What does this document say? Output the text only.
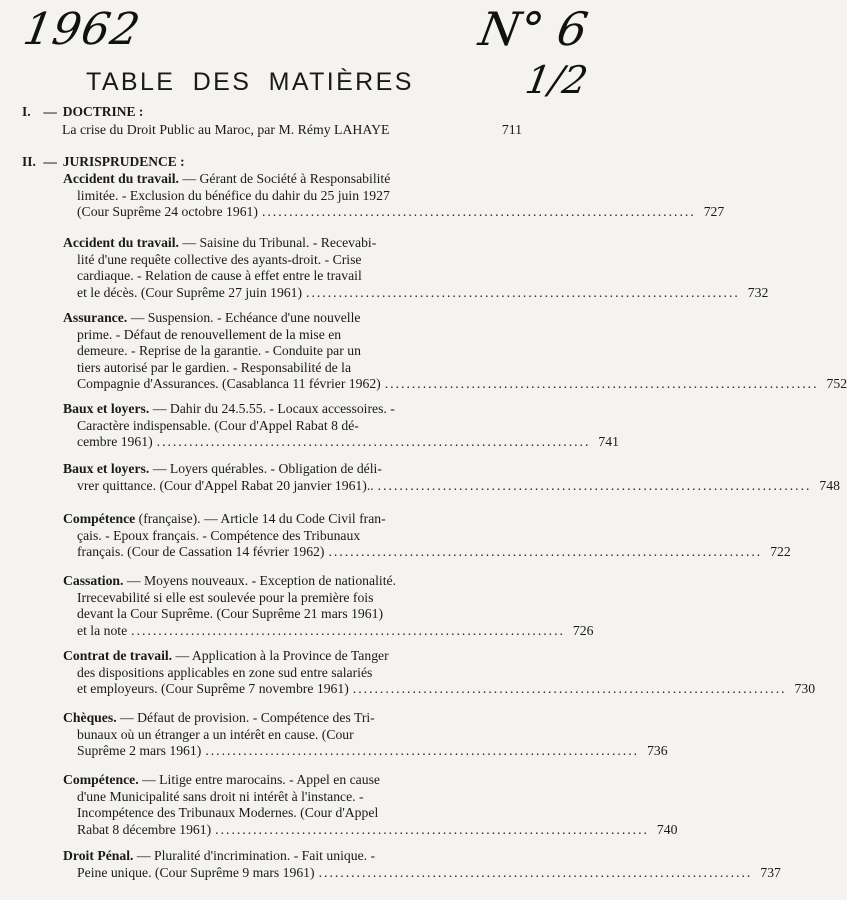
1962	N° 6
1/2
TABLE DES MATIÈRES
I. — DOCTRINE :
La crise du Droit Public au Maroc, par M. Rémy LAHAYE	711
II. — JURISPRUDENCE :
Accident du travail. — Gérant de Société à Responsabilité
limitée. - Exclusion du bénéfice du dahir du 25 juin 1927
(Cour Suprême 24 octobre 1961) ................................................................................ 727
Accident du travail. — Saisine du Tribunal. - Recevabi-
lité d'une requête collective des ayants-droit. - Crise
cardiaque. - Relation de cause à effet entre le travail
et le décès. (Cour Suprême 27 juin 1961) ................................................................................ 732
Assurance. — Suspension. - Echéance d'une nouvelle
prime. - Défaut de renouvellement de la mise en
demeure. - Reprise de la garantie. - Conduite par un
tiers autorisé par le gardien. - Responsabilité de la
Compagnie d'Assurances. (Casablanca 11 février 1962) ................................................................................ 752
Baux et loyers. — Dahir du 24.5.55. - Locaux accessoires. -
Caractère indispensable. (Cour d'Appel Rabat 8 dé-
cembre 1961) ................................................................................ 741
Baux et loyers. — Loyers quérables. - Obligation de déli-
vrer quittance. (Cour d'Appel Rabat 20 janvier 1961).. ................................................................................ 748
Compétence (française). — Article 14 du Code Civil fran-
çais. - Epoux français. - Compétence des Tribunaux
français. (Cour de Cassation 14 février 1962) ................................................................................ 722
Cassation. — Moyens nouveaux. - Exception de nationalité.
Irrecevabilité si elle est soulevée pour la première fois
devant la Cour Suprême. (Cour Suprême 21 mars 1961)
et la note ................................................................................ 726
Contrat de travail. — Application à la Province de Tanger
des dispositions applicables en zone sud entre salariés
et employeurs. (Cour Suprême 7 novembre 1961) ................................................................................ 730
Chèques. — Défaut de provision. - Compétence des Tri-
bunaux où un étranger a un intérêt en cause. (Cour
Suprême 2 mars 1961) ................................................................................ 736
Compétence. — Litige entre marocains. - Appel en cause
d'une Municipalité sans droit ni intérêt à l'instance. -
Incompétence des Tribunaux Modernes. (Cour d'Appel
Rabat 8 décembre 1961) ................................................................................ 740
Droit Pénal. — Pluralité d'incrimination. - Fait unique. -
Peine unique. (Cour Suprême 9 mars 1961) ................................................................................ 737
